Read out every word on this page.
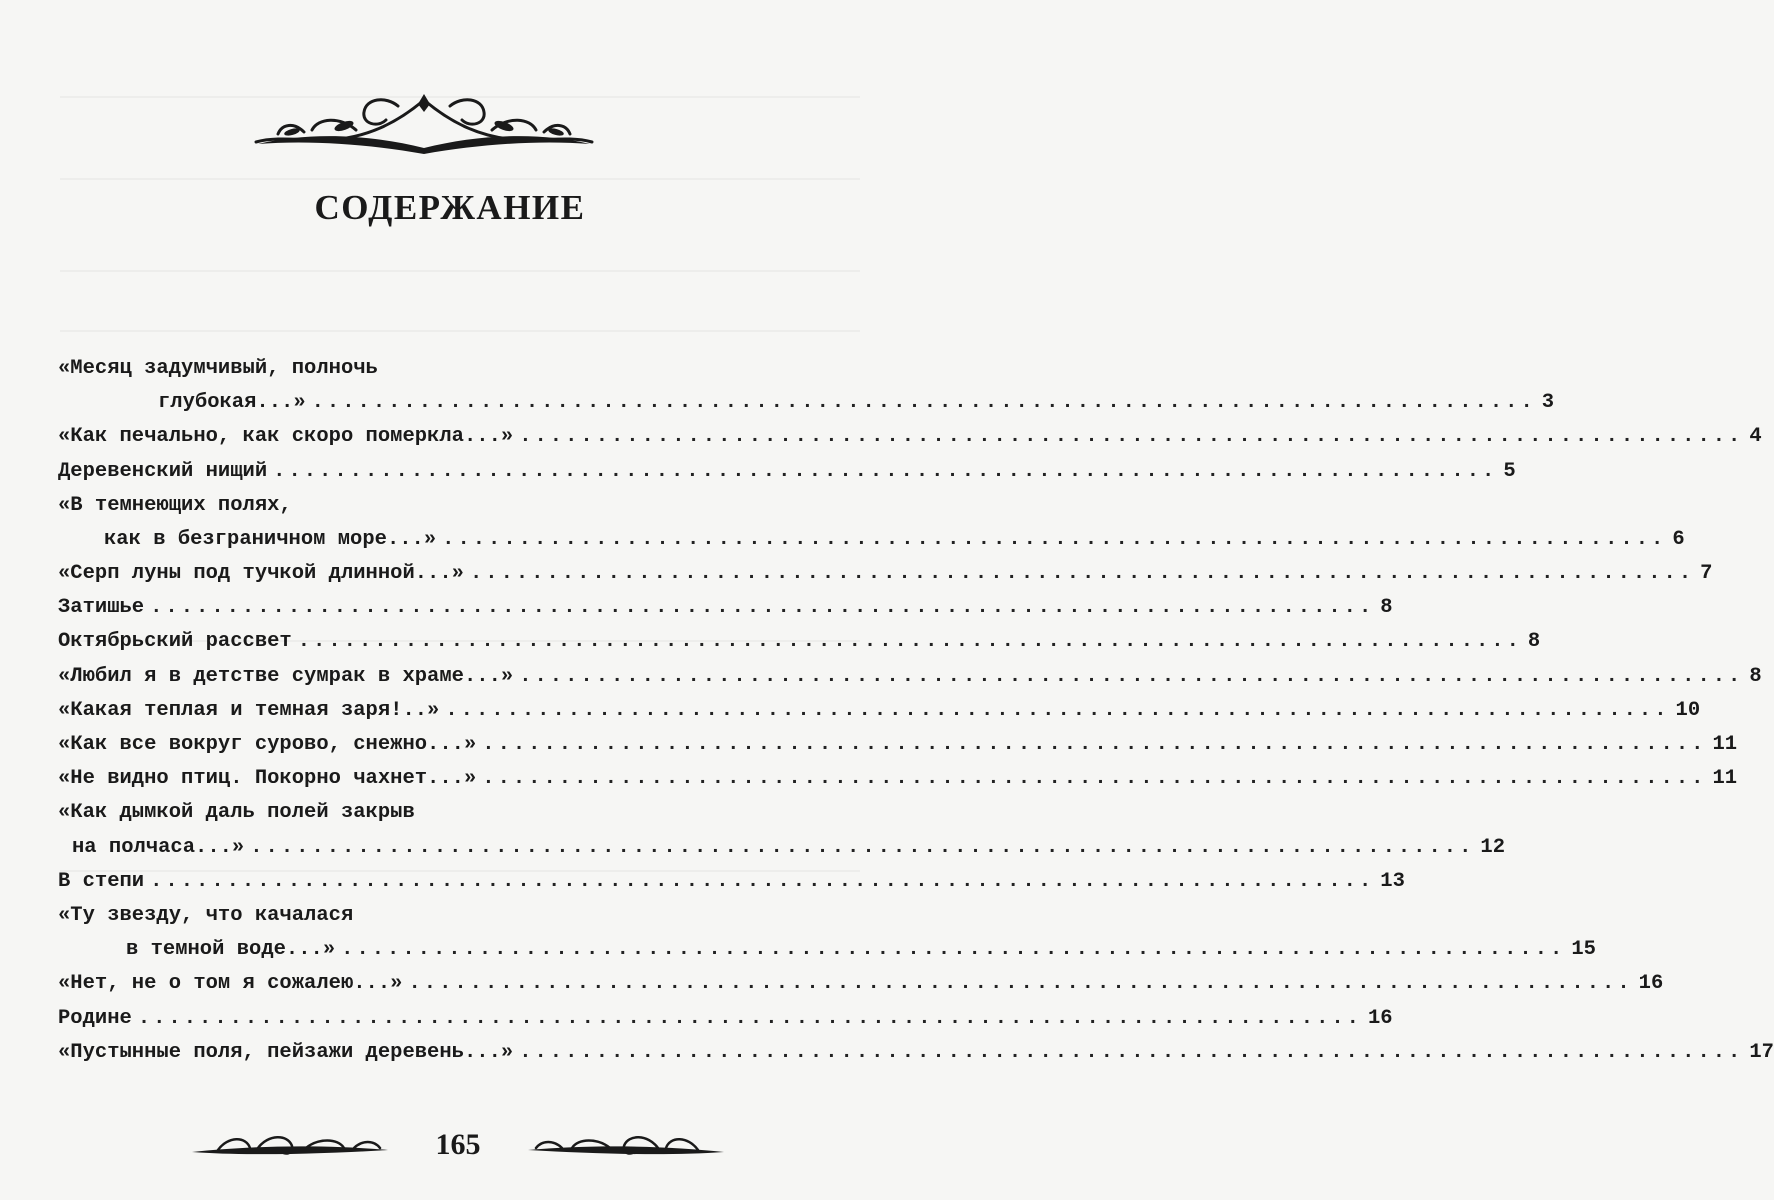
СОДЕРЖАНИЕ
«Месяц задумчивый, полночь
глубокая...» ................................................................................ 3
«Как печально, как скоро померкла...» ................................................................................ 4
Деревенский нищий ................................................................................ 5
«В темнеющих полях,
как в безграничном море...» ................................................................................ 6
«Серп луны под тучкой длинной...» ................................................................................ 7
Затишье ................................................................................ 8
Октябрьский рассвет ................................................................................ 8
«Любил я в детстве сумрак в храме...» ................................................................................ 8
«Какая теплая и темная заря!..» ................................................................................ 10
«Как все вокруг сурово, снежно...» ................................................................................ 11
«Не видно птиц. Покорно чахнет...» ................................................................................ 11
«Как дымкой даль полей закрыв
на полчаса...» ................................................................................ 12
В степи ................................................................................ 13
«Ту звезду, что качалася
в темной воде...» ................................................................................ 15
«Нет, не о том я сожалею...» ................................................................................ 16
Родине ................................................................................ 16
«Пустынные поля, пейзажи деревень...» ................................................................................ 17
165
